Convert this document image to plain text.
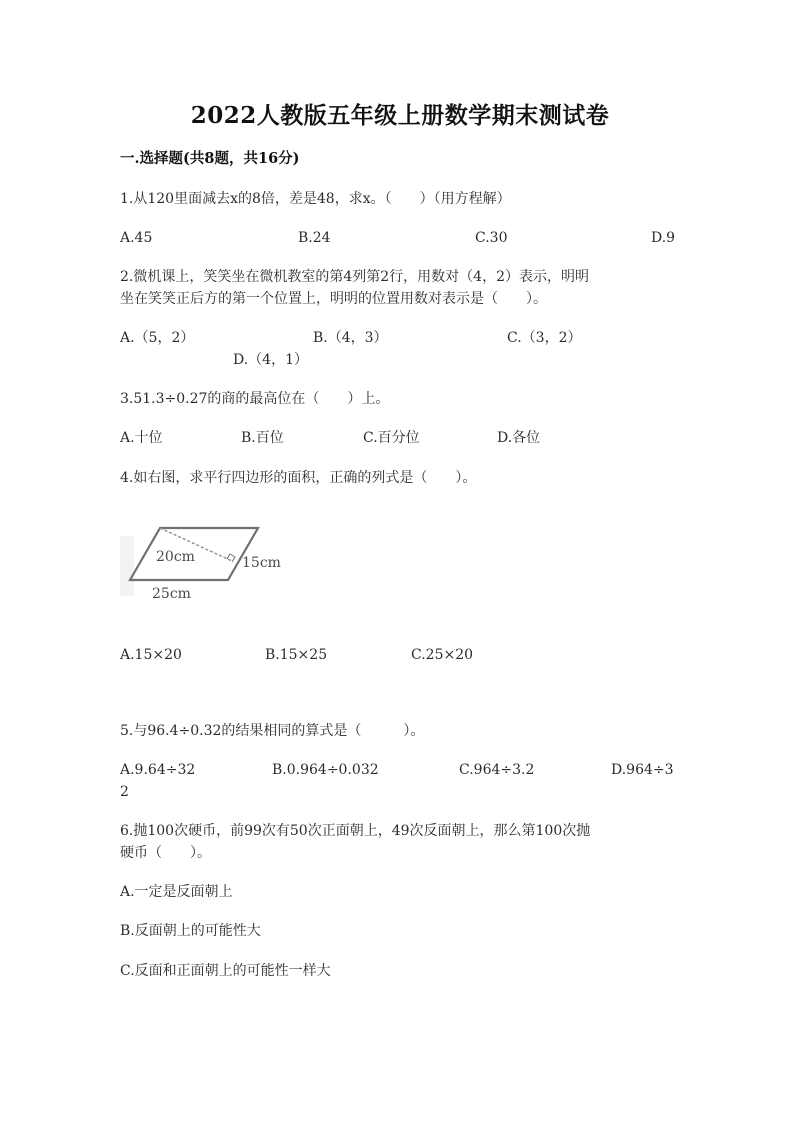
2022人教版五年级上册数学期末测试卷
一.选择题(共8题，共16分)
1.从120里面减去x的8倍，差是48，求x。（　　）（用方程解）
A.45	B.24	C.30	D.9
2.微机课上，笑笑坐在微机教室的第4列第2行，用数对（4，2）表示，明明
坐在笑笑正后方的第一个位置上，明明的位置用数对表示是（　　）。
A.（5，2）	B.（4，3）	C.（3，2）
D.（4，1）
3.51.3÷0.27的商的最高位在（　　）上。
A.十位	B.百位	C.百分位	D.各位
4.如右图，求平行四边形的面积，正确的列式是（　　）。
20cm	15cm
25cm
A.15×20	B.15×25	C.25×20
5.与96.4÷0.32的结果相同的算式是（　　　）。
A.9.64÷32	B.0.964÷0.032	C.964÷3.2	D.964÷3
2
6.抛100次硬币，前99次有50次正面朝上，49次反面朝上，那么第100次抛
硬币（　　）。
A.一定是反面朝上
B.反面朝上的可能性大
C.反面和正面朝上的可能性一样大
